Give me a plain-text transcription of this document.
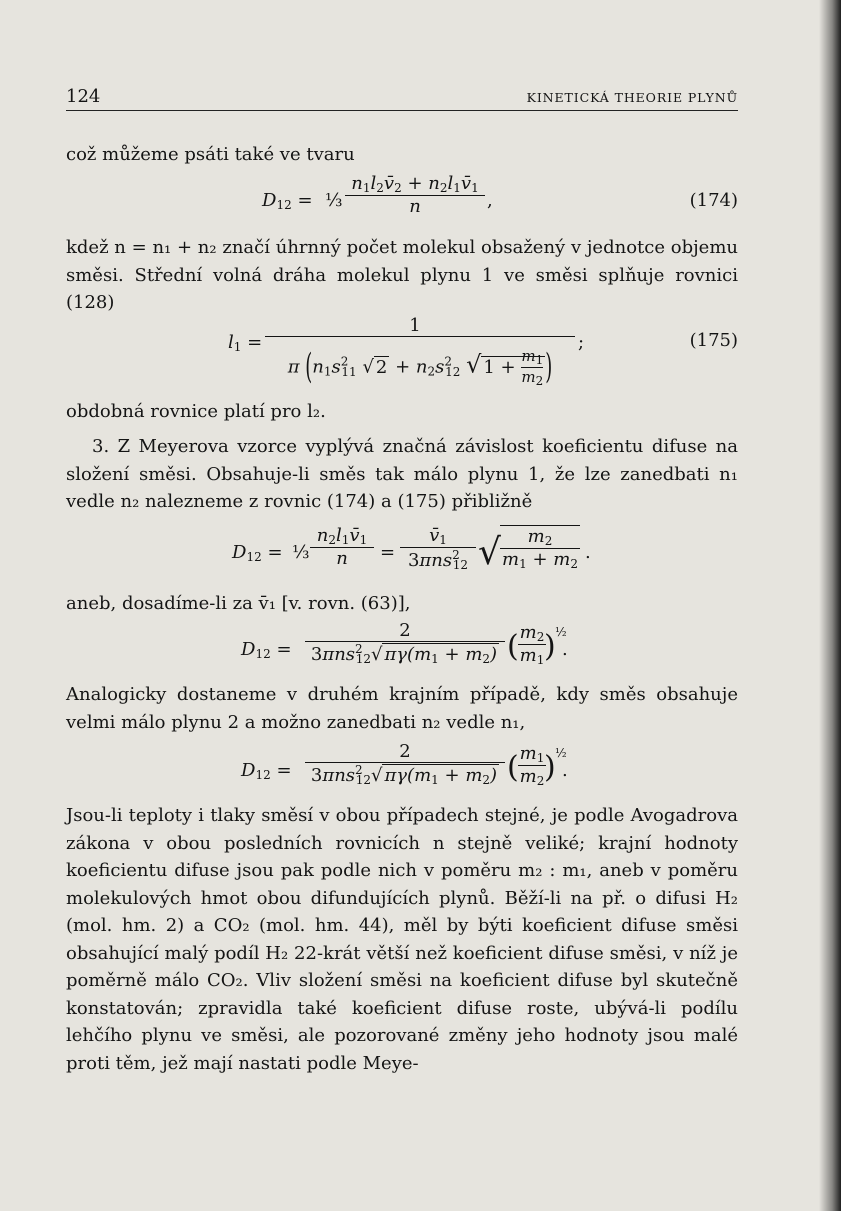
124	KINETICKÁ THEORIE PLYNŮ
což můžeme psáti také ve tvaru
$D_{12}$ = ⅓ $\frac{n_1l_2v̄_2 + n_2l_1v̄_1}{n}$ ,	(174)
kdež n = n₁ + n₂ značí úhrnný počet molekul obsažený v jednotce objemu směsi. Střední volná dráha molekul plynu 1 ve směsi splňuje rovnici (128)
$l_1 = \frac{1}{\pi (n_1s^2_{11} √ 2 + n_2s^2_{12} √ 1 + \frac{m_1}{m_2} )}$ ;	(175)
obdobná rovnice platí pro l₂.
3. Z Meyerova vzorce vyplývá značná závislost koeficientu difuse na složení směsi. Obsahuje-li směs tak málo plynu 1, že lze zanedbati n₁ vedle n₂ nalezneme z rovnic (174) a (175) přibližně
$D_{12}$ = ⅓ $\frac{n_2l_1v̄_1}{n}$ =
$v̄_1$
3πns$^2_{12}$ √ $\frac{m_2}{m_1 + m_2}$ .
aneb, dosadíme-li za v̄₁ [v. rovn. (63)],
$D_{12}$ =
2
3πns$^2_{12}$√ $\pi\gamma(m_1 + m_2)$ ( $\frac{m_2}{m_1}$
) ½
.
Analogicky dostaneme v druhém krajním případě, kdy směs obsahuje velmi málo plynu 2 a možno zanedbati n₂ vedle n₁,
$D_{12}$ =
2
3πns$^2_{12}$√ $\pi\gamma(m_1 + m_2)$ ( $\frac{m_1}{m_2}$
) ½
.
Jsou-li teploty i tlaky směsí v obou případech stejné, je podle Avogadrova zákona v obou posledních rovnicích n stejně veliké; krajní hodnoty koeficientu difuse jsou pak podle nich v poměru m₂ : m₁, aneb v poměru molekulových hmot obou difundujících plynů. Běží-li na př. o difusi H₂ (mol. hm. 2) a CO₂ (mol. hm. 44), měl by býti koeficient difuse směsi obsahující malý podíl H₂ 22-krát větší než koeficient difuse směsi, v níž je poměrně málo CO₂. Vliv složení směsi na koeficient difuse byl skutečně konstatován; zpravidla také koeficient difuse roste, ubývá-li podílu lehčího plynu ve směsi, ale pozorované změny jeho hodnoty jsou malé proti těm, jež mají nastati podle Meye-
